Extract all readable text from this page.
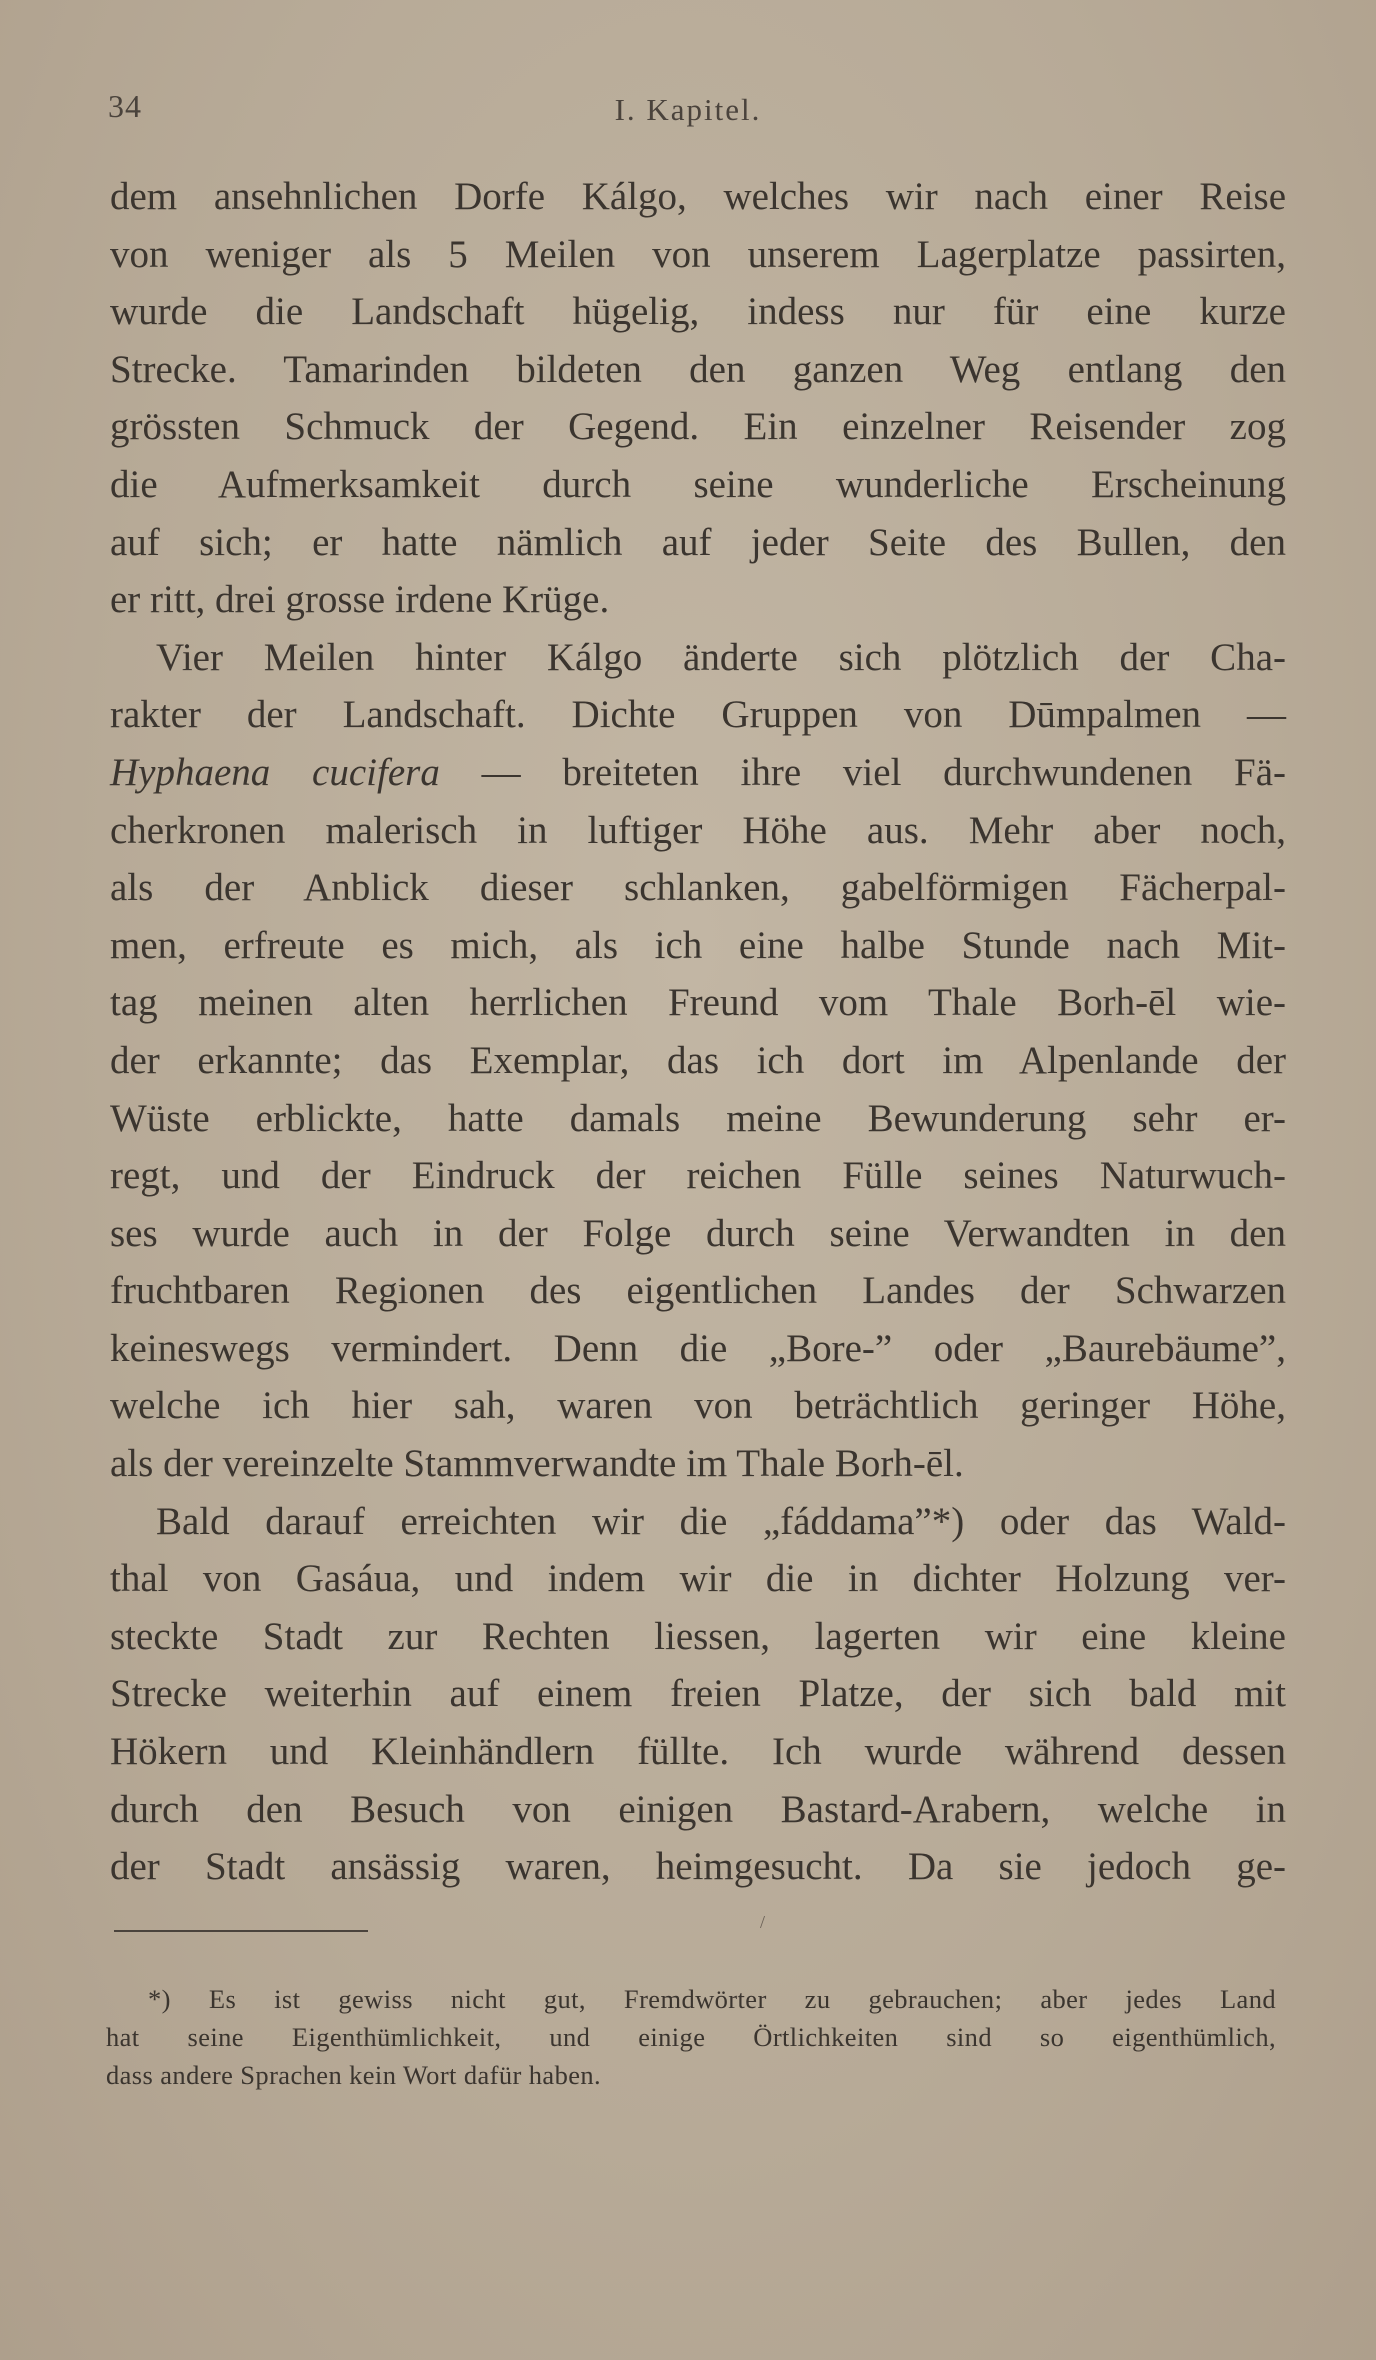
34	I. Kapitel.
dem ansehnlichen Dorfe Kálgo, welches wir nach einer Reise
von weniger als 5 Meilen von unserem Lagerplatze passirten,
wurde die Landschaft hügelig, indess nur für eine kurze
Strecke. Tamarinden bildeten den ganzen Weg entlang den
grössten Schmuck der Gegend. Ein einzelner Reisender zog
die Aufmerksamkeit durch seine wunderliche Erscheinung
auf sich; er hatte nämlich auf jeder Seite des Bullen, den
er ritt, drei grosse irdene Krüge.
Vier Meilen hinter Kálgo änderte sich plötzlich der Cha-
rakter der Landschaft. Dichte Gruppen von Dūmpalmen —
Hyphaena cucifera — breiteten ihre viel durchwundenen Fä-
cherkronen malerisch in luftiger Höhe aus. Mehr aber noch,
als der Anblick dieser schlanken, gabelförmigen Fächerpal-
men, erfreute es mich, als ich eine halbe Stunde nach Mit-
tag meinen alten herrlichen Freund vom Thale Borh-ēl wie-
der erkannte; das Exemplar, das ich dort im Alpenlande der
Wüste erblickte, hatte damals meine Bewunderung sehr er-
regt, und der Eindruck der reichen Fülle seines Naturwuch-
ses wurde auch in der Folge durch seine Verwandten in den
fruchtbaren Regionen des eigentlichen Landes der Schwarzen
keineswegs vermindert. Denn die „Bore-” oder „Baurebäume”,
welche ich hier sah, waren von beträchtlich geringer Höhe,
als der vereinzelte Stammverwandte im Thale Borh-ēl.
Bald darauf erreichten wir die „fáddama”*) oder das Wald-
thal von Gasáua, und indem wir die in dichter Holzung ver-
steckte Stadt zur Rechten liessen, lagerten wir eine kleine
Strecke weiterhin auf einem freien Platze, der sich bald mit
Hökern und Kleinhändlern füllte. Ich wurde während dessen
durch den Besuch von einigen Bastard-Arabern, welche in
der Stadt ansässig waren, heimgesucht. Da sie jedoch ge-
/
*) Es ist gewiss nicht gut, Fremdwörter zu gebrauchen; aber jedes Land
hat seine Eigenthümlichkeit, und einige Örtlichkeiten sind so eigenthümlich,
dass andere Sprachen kein Wort dafür haben.
